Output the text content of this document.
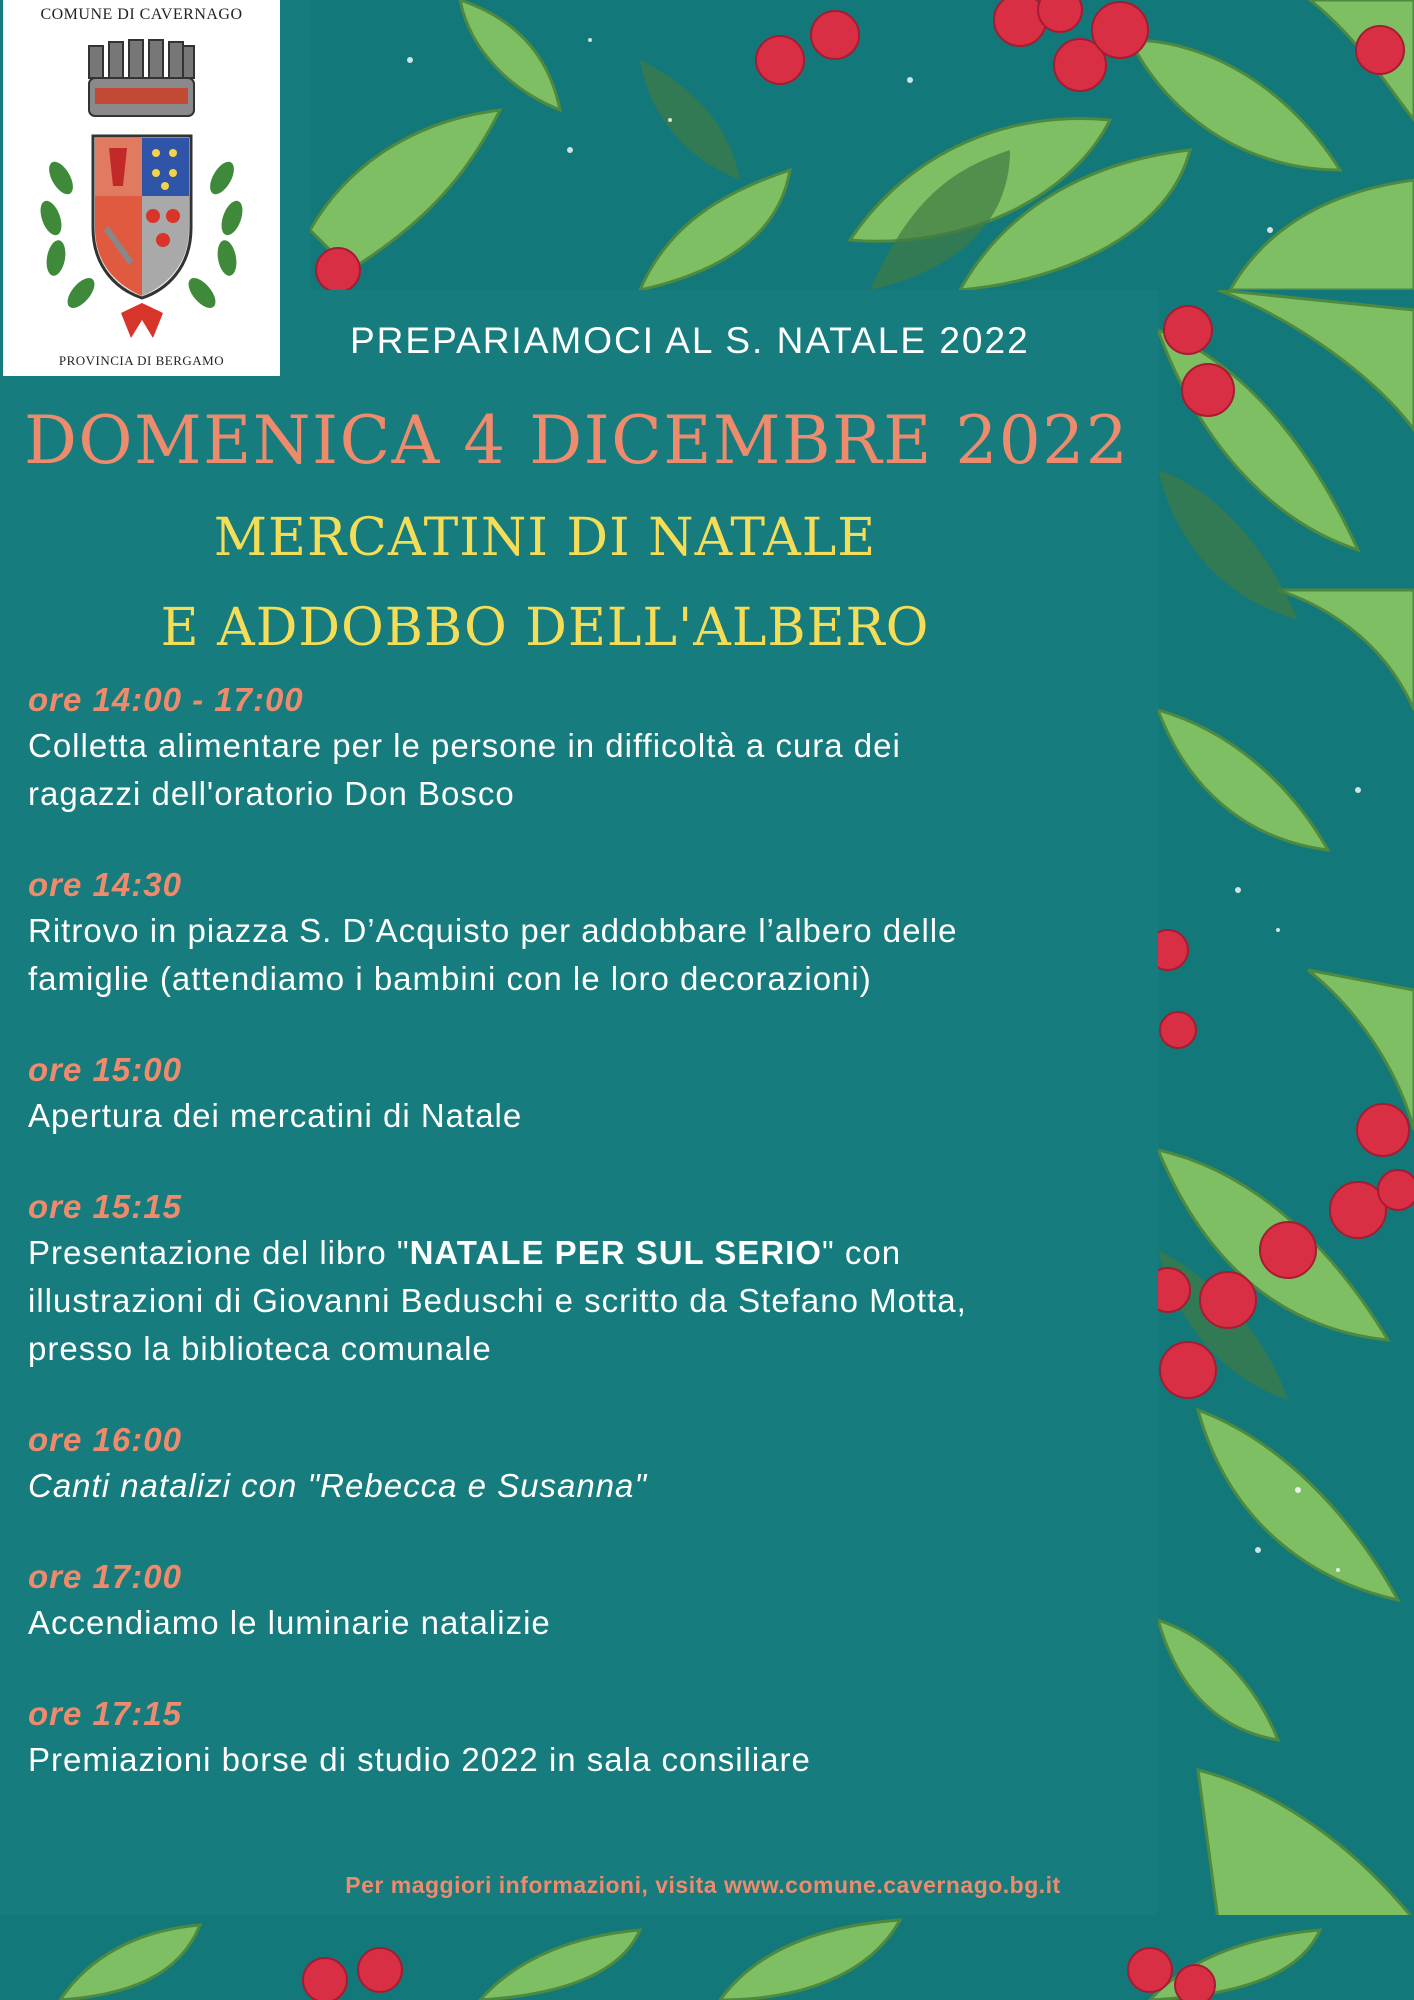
COMUNE DI CAVERNAGO
PROVINCIA DI BERGAMO	PREPARIAMOCI AL S. NATALE 2022
DOMENICA 4 DICEMBRE 2022
MERCATINI DI NATALE
E ADDOBBO DELL'ALBERO
ore 14:00 - 17:00
Colletta alimentare per le persone in difficoltà a cura dei
ragazzi dell'oratorio Don Bosco
ore 14:30
Ritrovo in piazza S. D’Acquisto per addobbare l’albero delle
famiglie (attendiamo i bambini con le loro decorazioni)
ore 15:00
Apertura dei mercatini di Natale
ore 15:15
Presentazione del libro "NATALE PER SUL SERIO" con
illustrazioni di Giovanni Beduschi e scritto da Stefano Motta,
presso la biblioteca comunale
ore 16:00
Canti natalizi con "Rebecca e Susanna"
ore 17:00
Accendiamo le luminarie natalizie
ore 17:15
Premiazioni borse di studio 2022 in sala consiliare
Per maggiori informazioni, visita www.comune.cavernago.bg.it
